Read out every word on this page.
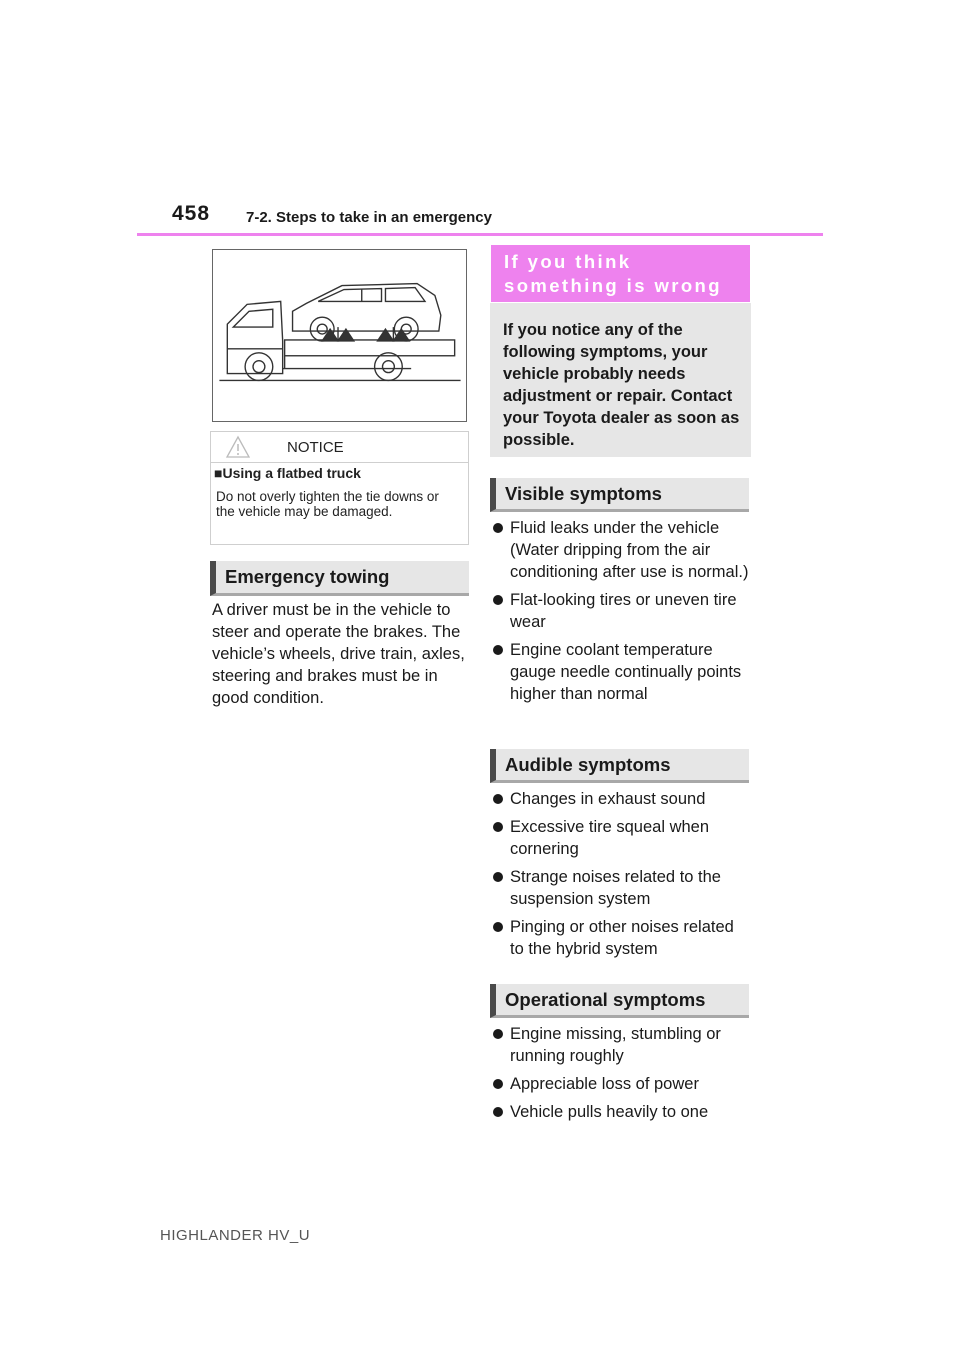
458 7-2. Steps to take in an emergency
NOTICE
■Using a flatbed truck
Do not overly tighten the tie downs or the vehicle may be damaged.
Emergency towing
A driver must be in the vehicle to steer and operate the brakes. The vehicle’s wheels, drive train, axles, steering and brakes must be in good condition.
If you think something is wrong
If you notice any of the following symptoms, your vehicle probably needs adjustment or repair. Contact your Toyota dealer as soon as possible.
Visible symptoms
Fluid leaks under the vehicle (Water dripping from the air conditioning after use is normal.)
Flat-looking tires or uneven tire wear
Engine coolant temperature gauge needle continually points higher than normal
Audible symptoms
Changes in exhaust sound
Excessive tire squeal when cornering
Strange noises related to the suspension system
Pinging or other noises related to the hybrid system
Operational symptoms
Engine missing, stumbling or running roughly
Appreciable loss of power
Vehicle pulls heavily to one
HIGHLANDER HV_U
